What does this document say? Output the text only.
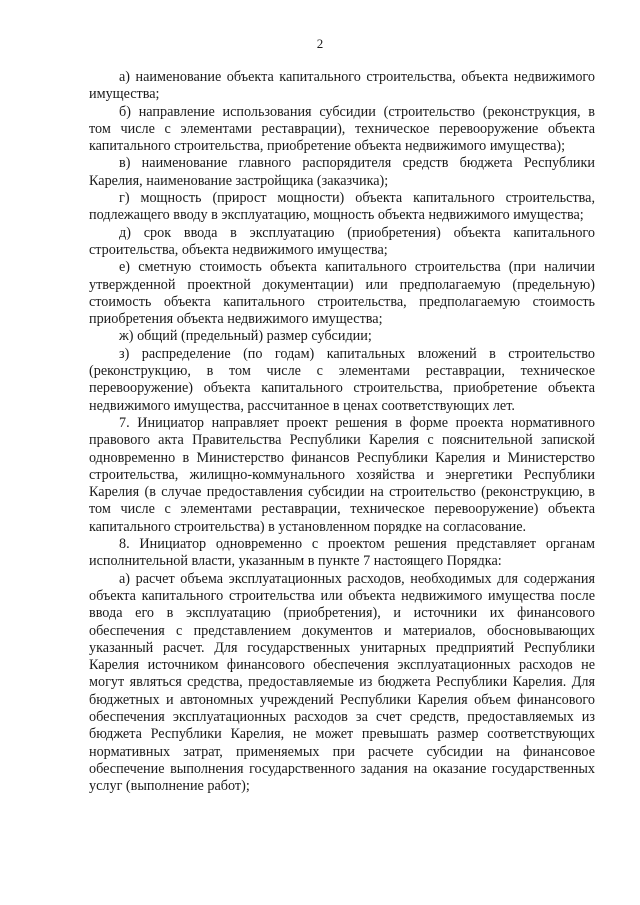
2

а) наименование объекта капитального строительства, объекта недвижимого имущества;

б) направление использования субсидии (строительство (реконструкция, в том числе с элементами реставрации), техническое перевооружение объекта капитального строительства, приобретение объекта недвижимого имущества);

в) наименование главного распорядителя средств бюджета Республики Карелия, наименование застройщика (заказчика);

г) мощность (прирост мощности) объекта капитального строительства, подлежащего вводу в эксплуатацию, мощность объекта недвижимого имущества;

д) срок ввода в эксплуатацию (приобретения) объекта капитального строительства, объекта недвижимого имущества;

е) сметную стоимость объекта капитального строительства (при наличии утвержденной проектной документации) или предполагаемую (предельную) стоимость объекта капитального строительства, предполагаемую стоимость приобретения объекта недвижимого имущества;

ж) общий (предельный) размер субсидии;

з) распределение (по годам) капитальных вложений в строительство (реконструкцию, в том числе с элементами реставрации, техническое перевооружение) объекта капитального строительства, приобретение объекта недвижимого имущества, рассчитанное в ценах соответствующих лет.

7. Инициатор направляет проект решения в форме проекта нормативного правового акта Правительства Республики Карелия с пояснительной запиской одновременно в Министерство финансов Республики Карелия и Министерство строительства, жилищно-коммунального хозяйства и энергетики Республики Карелия (в случае предоставления субсидии на строительство (реконструкцию, в том числе с элементами реставрации, техническое перевооружение) объекта капитального строительства) в установленном порядке на согласование.

8. Инициатор одновременно с проектом решения представляет органам исполнительной власти, указанным в пункте 7 настоящего Порядка:

а) расчет объема эксплуатационных расходов, необходимых для содержания объекта капитального строительства или объекта недвижимого имущества после ввода его в эксплуатацию (приобретения), и источники их финансового обеспечения с представлением документов и материалов, обосновывающих указанный расчет. Для государственных унитарных предприятий Республики Карелия источником финансового обеспечения эксплуатационных расходов не могут являться средства, предоставляемые из бюджета Республики Карелия. Для бюджетных и автономных учреждений Республики Карелия объем финансового обеспечения эксплуатационных расходов за счет средств, предоставляемых из бюджета Республики Карелия, не может превышать размер соответствующих нормативных затрат, применяемых при расчете субсидии на финансовое обеспечение выполнения государственного задания на оказание государственных услуг (выполнение работ);
